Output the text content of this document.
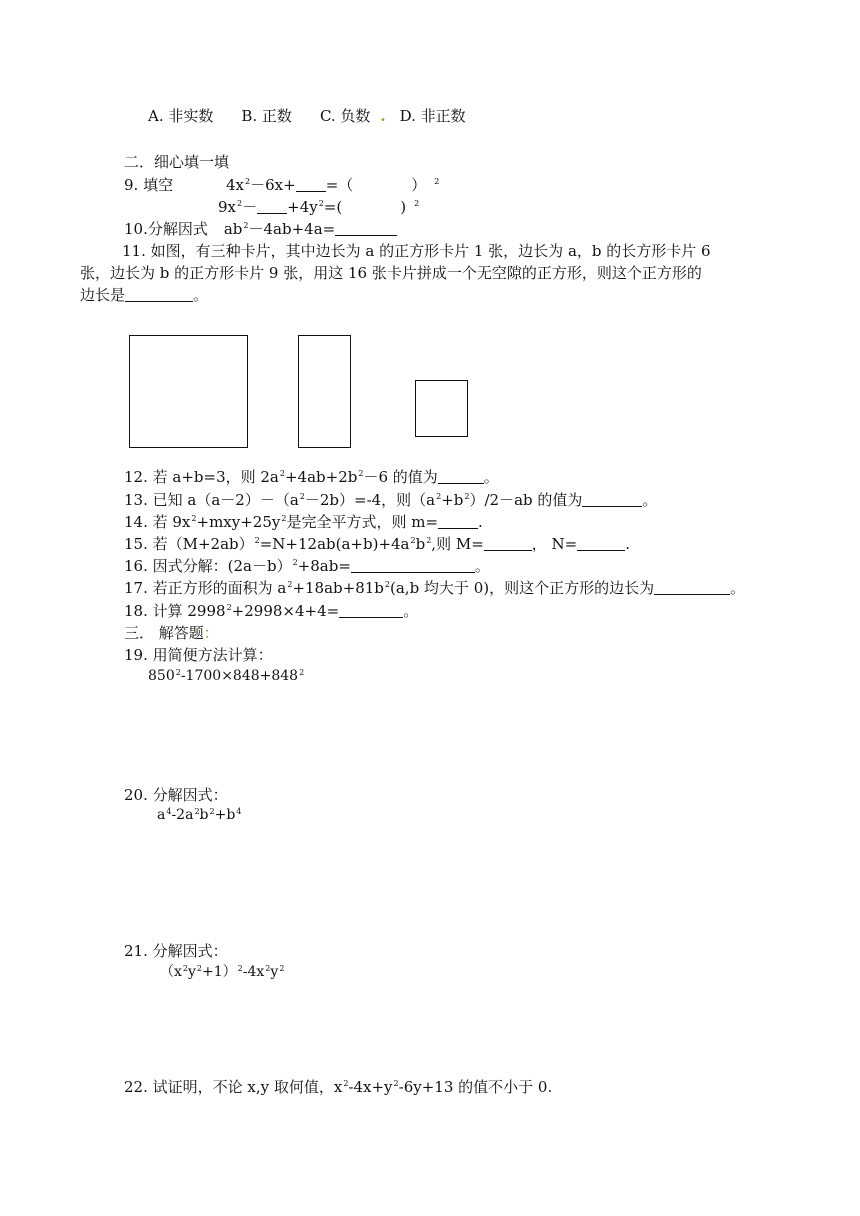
A. 非实数 B. 正数 C. 负数 . D. 非正数
二．细心填一填
9. 填空	$4x^2-6x+$ =（	） $^2$
$9x^2- +4y^2=$(	) $^2$
10.分解因式 $ab^2-4ab+4a=$
11. 如图，有三种卡片，其中边长为 a 的正方形卡片 1 张，边长为 a，b 的长方形卡片 6
张，边长为 b 的正方形卡片 9 张，用这 16 张卡片拼成一个无空隙的正方形，则这个正方形的
边长是	。
12. 若 a+b=3，则 $2a^2+4ab+2b^2-6$ 的值为	。
13. 已知 $a(a-2)-(a^2-2b)=-4$，则$(a^2+b^2)/2-ab$ 的值为	。
14. 若 $9x^2+mxy+25y^2$是完全平方式，则 m=	.
15. 若$(M+2ab)^2=N+12ab(a+b)+4a^2b^2$,则 M=	， N=	.
16. 因式分解：(2a－b）$^2$+8ab=	。
17. 若正方形的面积为 $a^2+18ab+81b^2(a,b$ 均大于 0)，则这个正方形的边长为	。
18. 计算 $2998^2+2998\times 4+4=$	。
三． 解答题：
19. 用简便方法计算：
$850^2-1700\times 848+848^2$
20. 分解因式：
$a^4-2a^2b^2+b^4$
21. 分解因式：
$(x^2y^2+1)^2-4x^2y^2$
22. 试证明，不论 x,y 取何值，$x^2-4x+y^2-6y+13$ 的值不小于 0.
